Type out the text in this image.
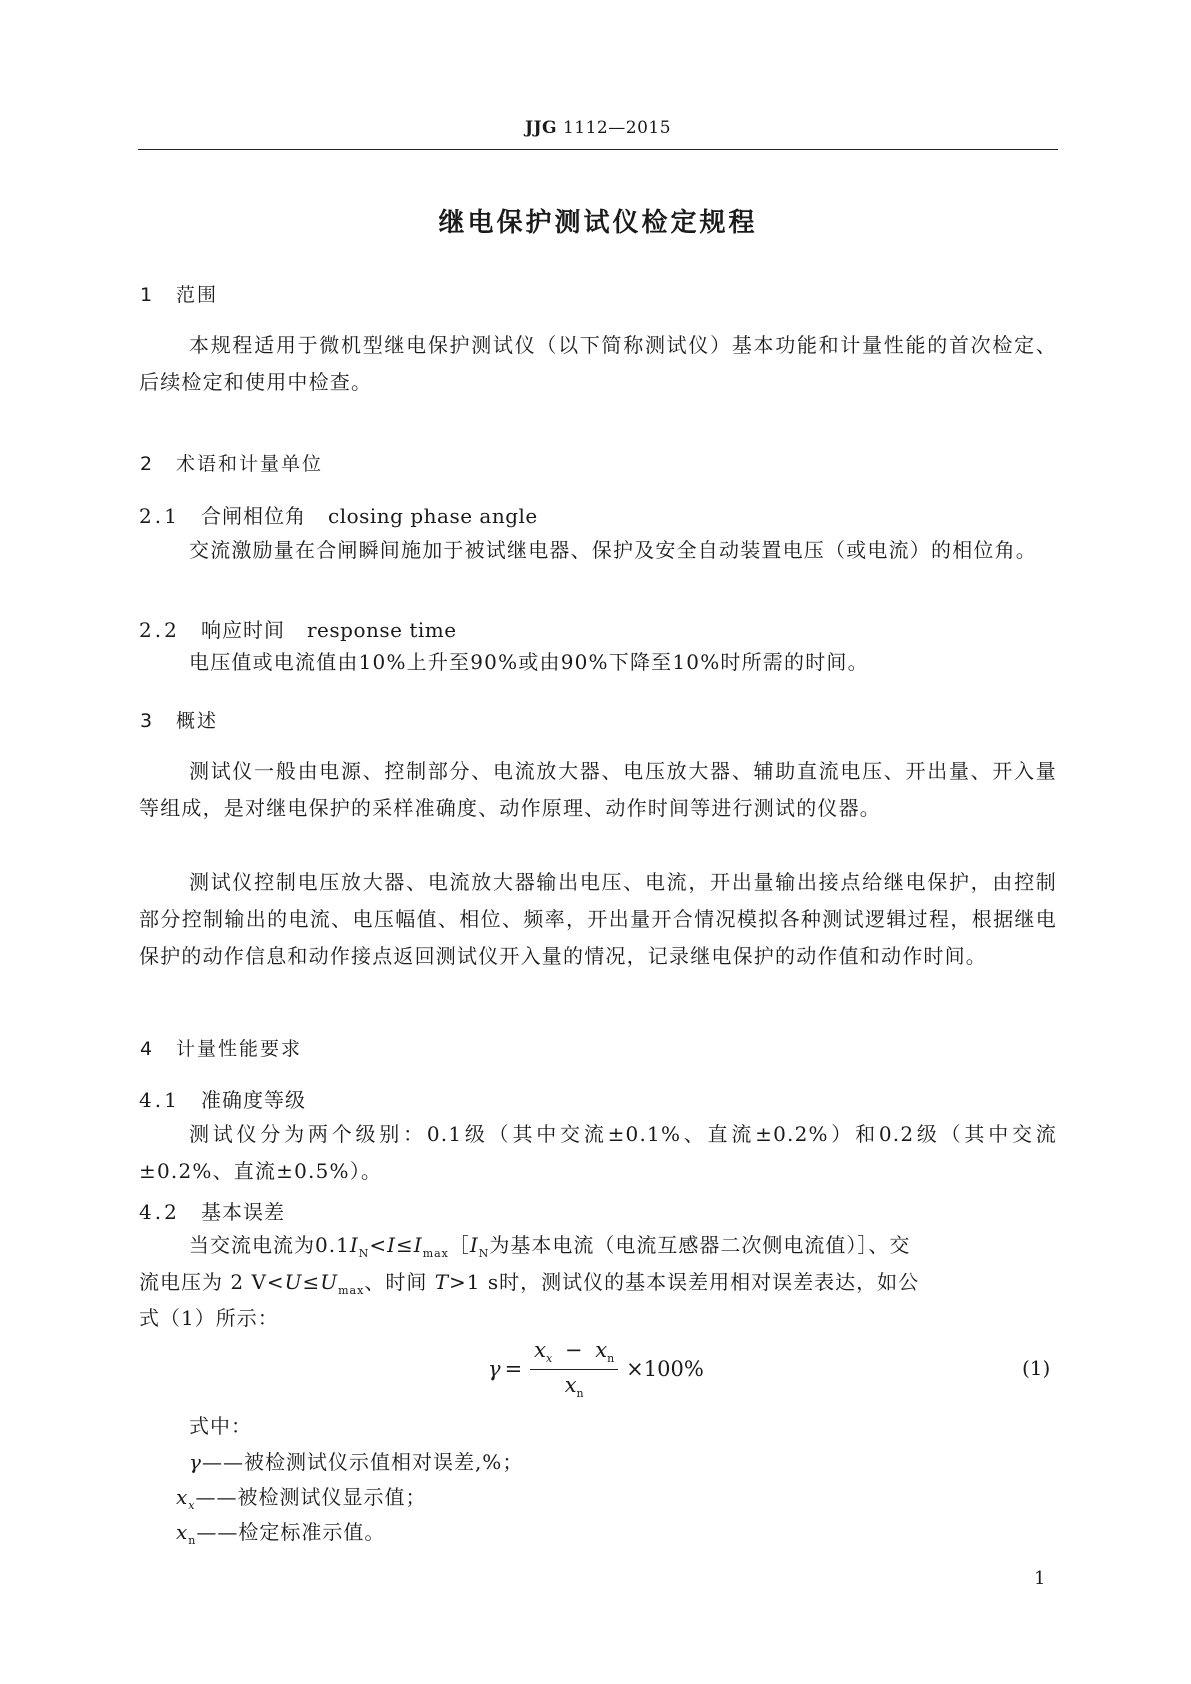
JJG 1112—2015
继电保护测试仪检定规程
1 范围
本规程适用于微机型继电保护测试仪（以下简称测试仪）基本功能和计量性能的首次检定、后续检定和使用中检查。
2 术语和计量单位
2.1 合闸相位角 closing phase angle
交流激励量在合闸瞬间施加于被试继电器、保护及安全自动装置电压（或电流）的相位角。
2.2 响应时间 response time
电压值或电流值由10%上升至90%或由90%下降至10%时所需的时间。
3 概述
测试仪一般由电源、控制部分、电流放大器、电压放大器、辅助直流电压、开出量、开入量等组成，是对继电保护的采样准确度、动作原理、动作时间等进行测试的仪器。
测试仪控制电压放大器、电流放大器输出电压、电流，开出量输出接点给继电保护，由控制部分控制输出的电流、电压幅值、相位、频率，开出量开合情况模拟各种测试逻辑过程，根据继电保护的动作信息和动作接点返回测试仪开入量的情况，记录继电保护的动作值和动作时间。
4 计量性能要求
4.1 准确度等级
测试仪分为两个级别：0.1级（其中交流±0.1%、直流±0.2%）和0.2级（其中交流±0.2%、直流±0.5%）。
4.2 基本误差
当交流电流为$0.1I_N<I\le I_{max}[I_N$为基本电流（电流互感器二次侧电流值）］、交
流电压为 2 $V<U\le U_{max}$、时间 T>1 s时，测试仪的基本误差用相对误差表达，如公
式（1）所示：
$\gamma = \frac{x_x - x_n}{x_n} \times 100\%$	(1)
式中：
γ——被检测试仪示值相对误差,%；
$x_x——$被检测试仪显示值；
$x_n——$检定标准示值。
1
